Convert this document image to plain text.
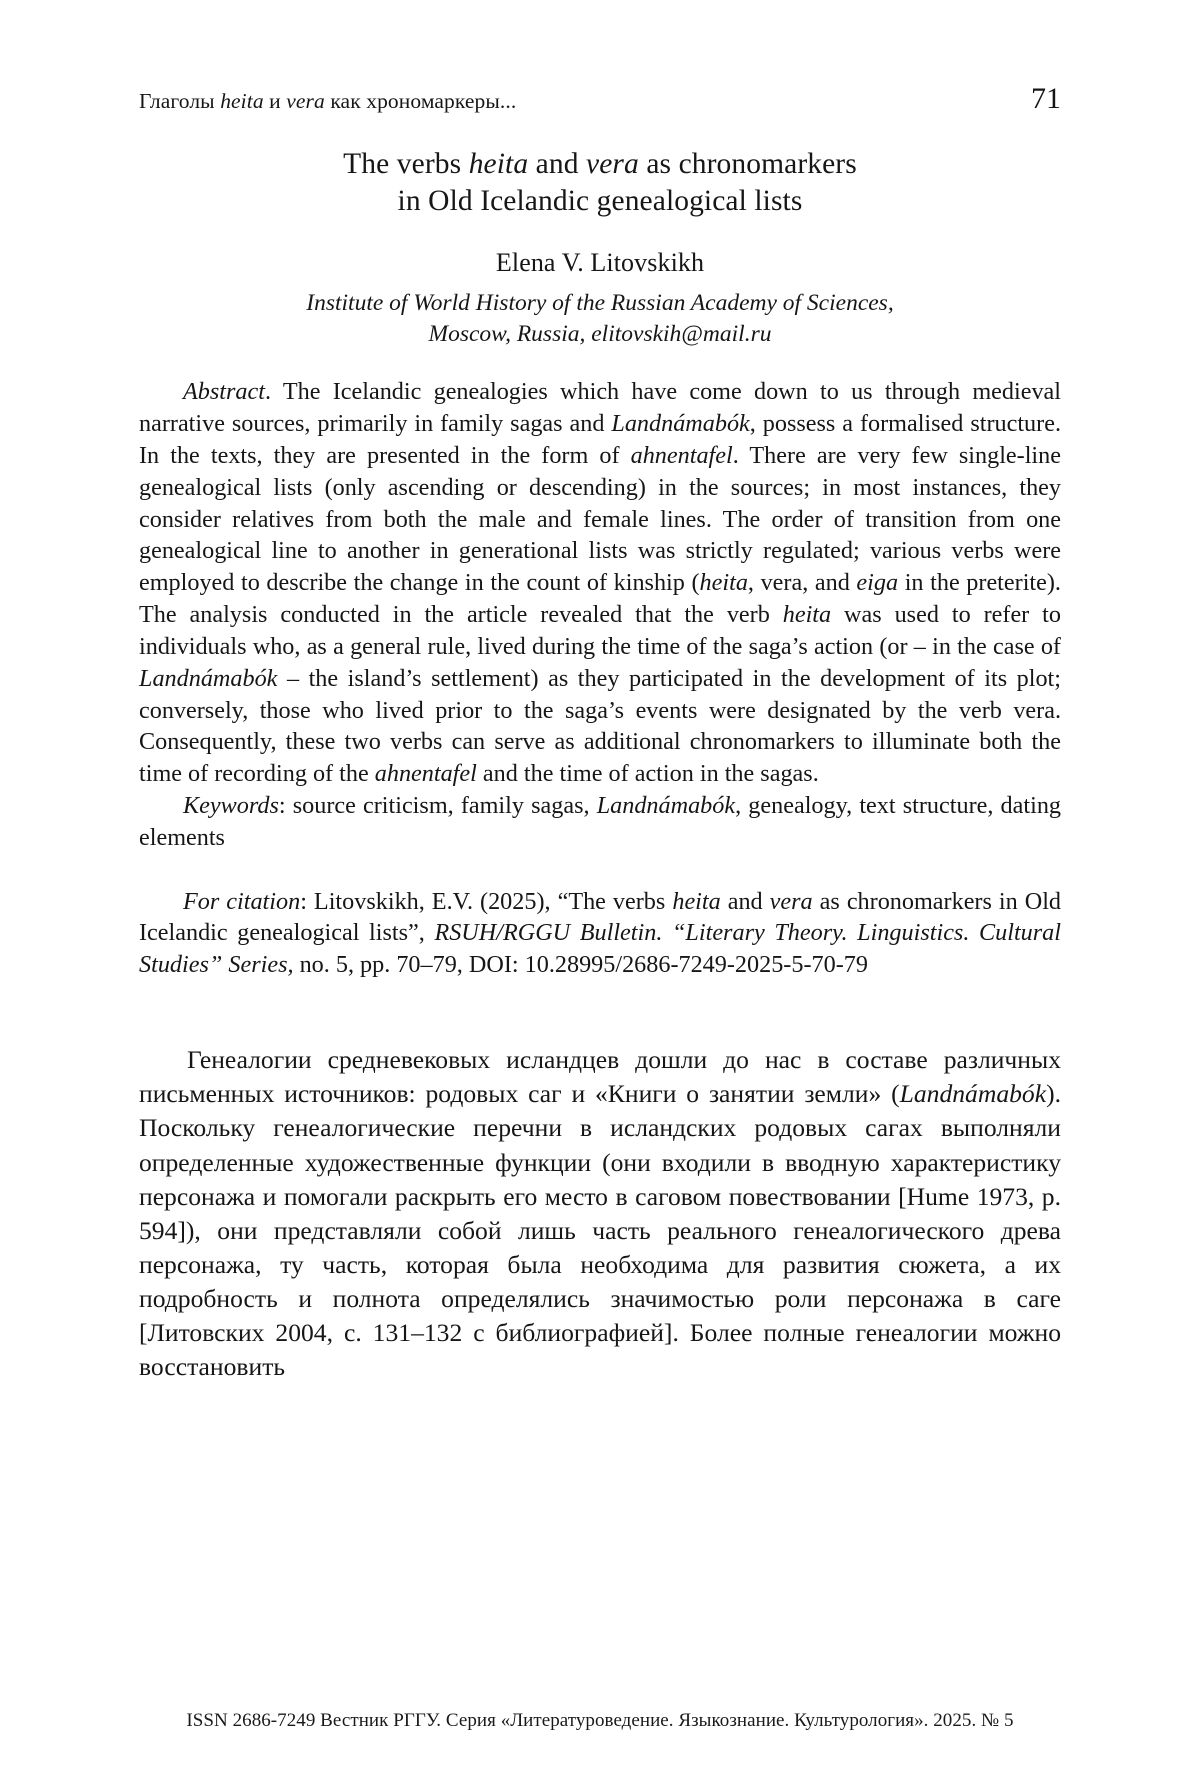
Глаголы heita и vera как хрономаркеры...	71
The verbs heita and vera as chronomarkers
in Old Icelandic genealogical lists
Elena V. Litovskikh
Institute of World History of the Russian Academy of Sciences,
Moscow, Russia, elitovskih@mail.ru

Abstract. The Icelandic genealogies which have come down to us through medieval narrative sources, primarily in family sagas and Landnámabók, possess a formalised structure. In the texts, they are presented in the form of ahnentafel. There are very few single-line genealogical lists (only ascending or descending) in the sources; in most instances, they consider relatives from both the male and female lines. The order of transition from one genealogical line to another in generational lists was strictly regulated; various verbs were employed to describe the change in the count of kinship (heita, vera, and eiga in the preterite). The analysis conducted in the article revealed that the verb heita was used to refer to individuals who, as a general rule, lived during the time of the saga’s action (or – in the case of Landnámabók – the island’s settlement) as they participated in the development of its plot; conversely, those who lived prior to the saga’s events were designated by the verb vera. Consequently, these two verbs can serve as additional chronomarkers to illuminate both the time of recording of the ahnentafel and the time of action in the sagas.

Keywords: source criticism, family sagas, Landnámabók, genealogy, text structure, dating elements

For citation: Litovskikh, E.V. (2025), “The verbs heita and vera as chronomarkers in Old Icelandic genealogical lists”, RSUH/RGGU Bulletin. “Literary Theory. Linguistics. Cultural Studies” Series, no. 5, pp. 70–79, DOI: 10.28995/2686-7249-2025-5-70-79

Генеалогии средневековых исландцев дошли до нас в составе различных письменных источников: родовых саг и «Книги о занятии земли» (Landnámabók). Поскольку генеалогические перечни в исландских родовых сагах выполняли определенные художественные функции (они входили в вводную характеристику персонажа и помогали раскрыть его место в саговом повествовании [Hume 1973, p. 594]), они представляли собой лишь часть реального генеалогического древа персонажа, ту часть, которая была необходима для развития сюжета, а их подробность и полнота определялись значимостью роли персонажа в саге [Литовских 2004, с. 131–132 с библиографией]. Более полные генеалогии можно восстановить

ISSN 2686-7249 Вестник РГГУ. Серия «Литературоведение. Языкознание. Культурология». 2025. № 5
